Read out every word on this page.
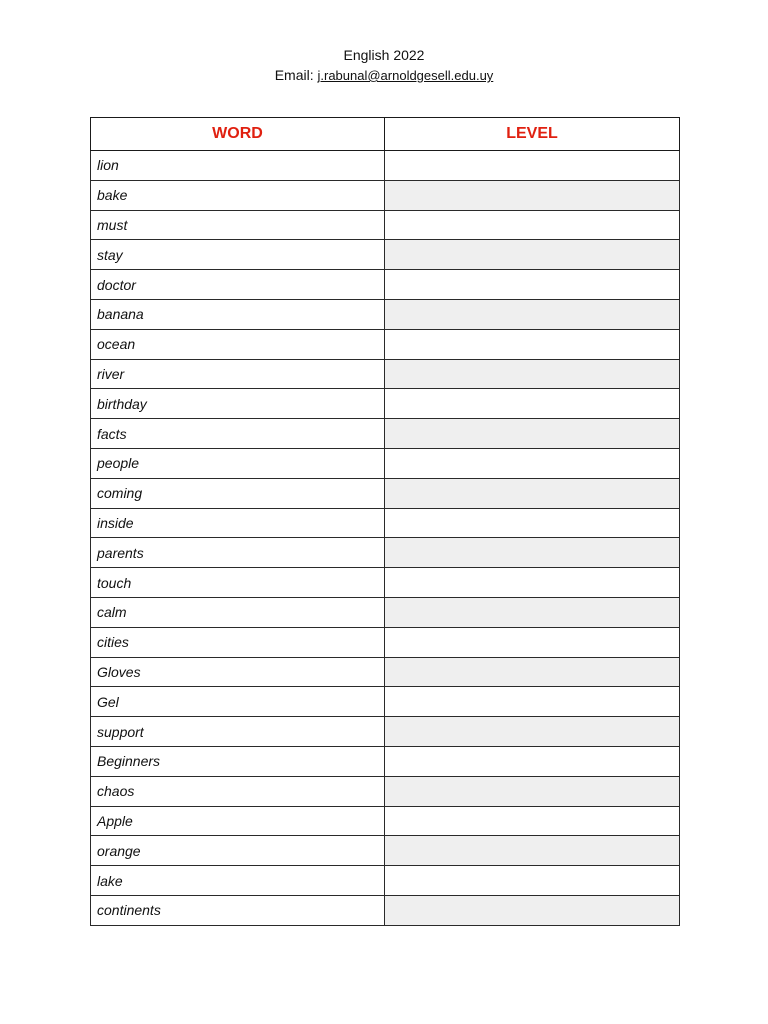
English 2022
Email: j.rabunal@arnoldgesell.edu.uy
WORD	LEVEL
lion	
bake	
must	
stay	
doctor	
banana	
ocean	
river	
birthday	
facts	
people	
coming	
inside	
parents	
touch	
calm	
cities	
Gloves	
Gel	
support	
Beginners	
chaos	
Apple	
orange	
lake	
continents	
